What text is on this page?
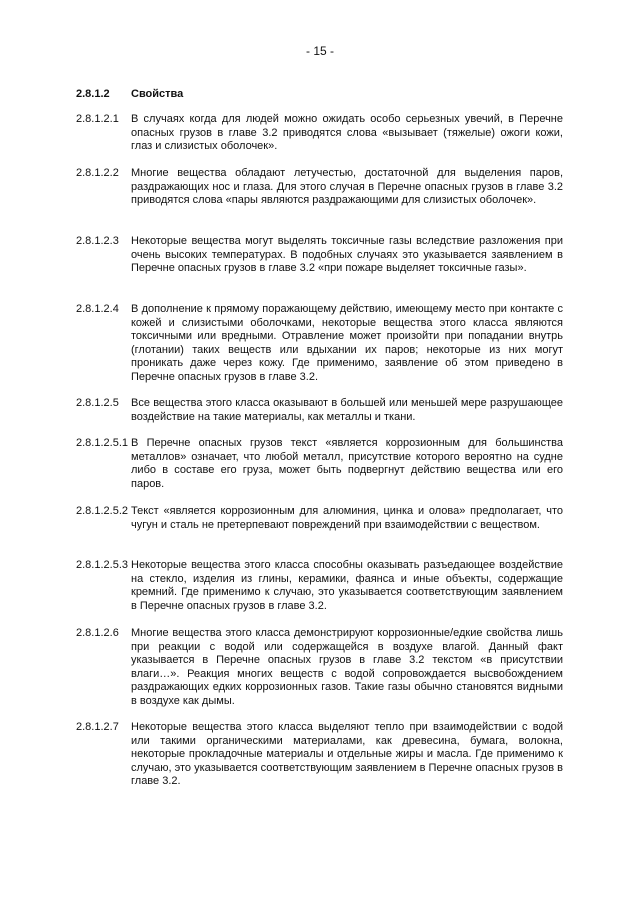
- 15 -
2.8.1.2 Свойства
2.8.1.2.1 В случаях когда для людей можно ожидать особо серьезных увечий, в Перечне опасных грузов в главе 3.2 приводятся слова «вызывает (тяжелые) ожоги кожи, глаз и слизистых оболочек».
2.8.1.2.2 Многие вещества обладают летучестью, достаточной для выделения паров, раздражающих нос и глаза. Для этого случая в Перечне опасных грузов в главе 3.2 приводятся слова «пары являются раздражающими для слизистых оболочек».
2.8.1.2.3 Некоторые вещества могут выделять токсичные газы вследствие разложения при очень высоких температурах. В подобных случаях это указывается заявлением в Перечне опасных грузов в главе 3.2 «при пожаре выделяет токсичные газы».
2.8.1.2.4 В дополнение к прямому поражающему действию, имеющему место при контакте с кожей и слизистыми оболочками, некоторые вещества этого класса являются токсичными или вредными. Отравление может произойти при попадании внутрь (глотании) таких веществ или вдыхании их паров; некоторые из них могут проникать даже через кожу. Где применимо, заявление об этом приведено в Перечне опасных грузов в главе 3.2.
2.8.1.2.5 Все вещества этого класса оказывают в большей или меньшей мере разрушающее воздействие на такие материалы, как металлы и ткани.
2.8.1.2.5.1 В Перечне опасных грузов текст «является коррозионным для большинства металлов» означает, что любой металл, присутствие которого вероятно на судне либо в составе его груза, может быть подвергнут действию вещества или его паров.
2.8.1.2.5.2 Текст «является коррозионным для алюминия, цинка и олова» предполагает, что чугун и сталь не претерпевают повреждений при взаимодействии с веществом.
2.8.1.2.5.3 Некоторые вещества этого класса способны оказывать разъедающее воздействие на стекло, изделия из глины, керамики, фаянса и иные объекты, содержащие кремний. Где применимо к случаю, это указывается соответствующим заявлением в Перечне опасных грузов в главе 3.2.
2.8.1.2.6 Многие вещества этого класса демонстрируют коррозионные/едкие свойства лишь при реакции с водой или содержащейся в воздухе влагой. Данный факт указывается в Перечне опасных грузов в главе 3.2 текстом «в присутствии влаги…». Реакция многих веществ с водой сопровождается высвобождением раздражающих едких коррозионных газов. Такие газы обычно становятся видными в воздухе как дымы.
2.8.1.2.7 Некоторые вещества этого класса выделяют тепло при взаимодействии с водой или такими органическими материалами, как древесина, бумага, волокна, некоторые прокладочные материалы и отдельные жиры и масла. Где применимо к случаю, это указывается соответствующим заявлением в Перечне опасных грузов в главе 3.2.
